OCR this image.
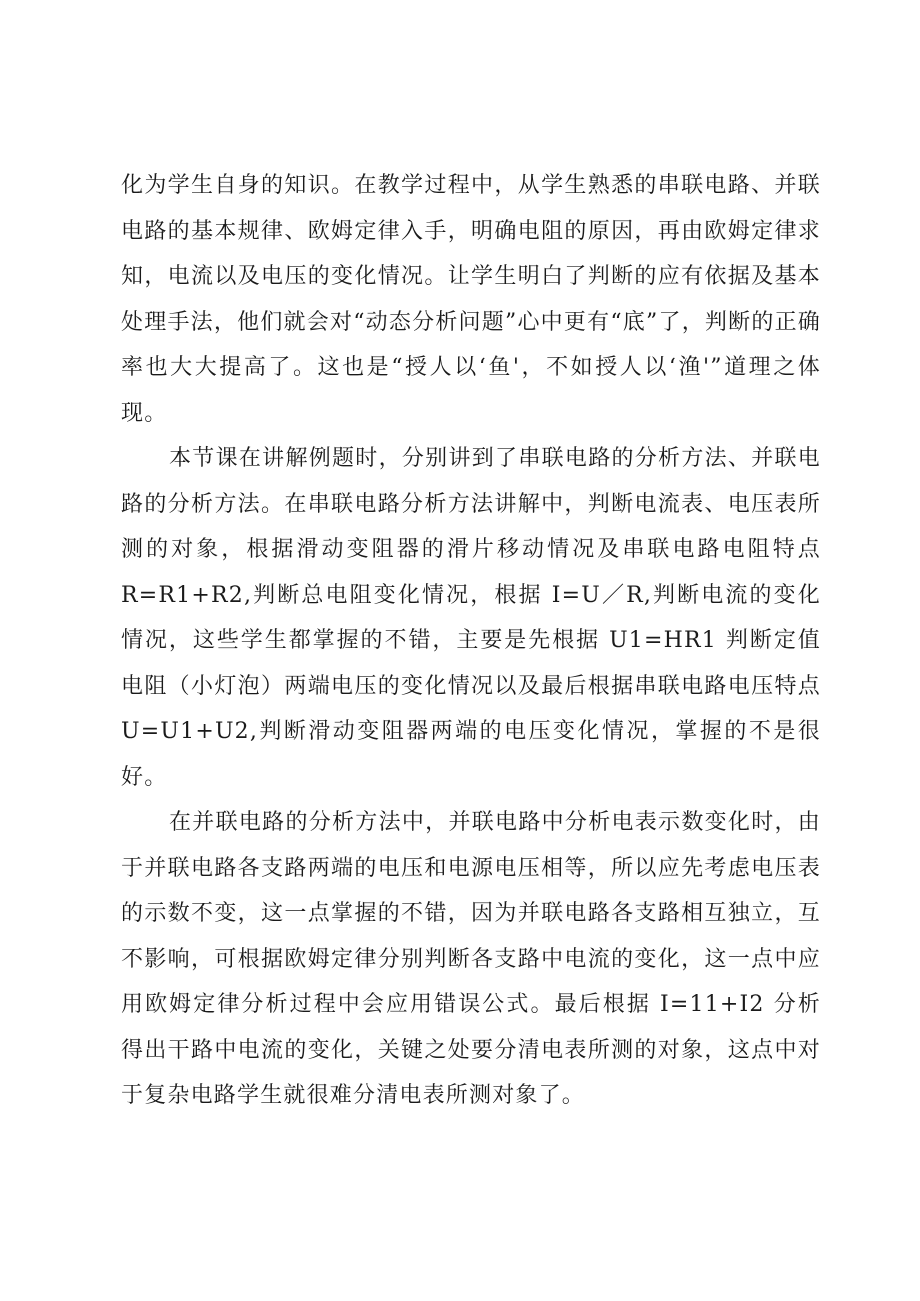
化为学生自身的知识。在教学过程中，从学生熟悉的串联电路、并联电路的基本规律、欧姆定律入手，明确电阻的原因，再由欧姆定律求知，电流以及电压的变化情况。让学生明白了判断的应有依据及基本处理手法，他们就会对“动态分析问题”心中更有“底”了，判断的正确率也大大提高了。这也是“授人以‘鱼'，不如授人以‘渔'”道理之体现。

本节课在讲解例题时，分别讲到了串联电路的分析方法、并联电路的分析方法。在串联电路分析方法讲解中，判断电流表、电压表所测的对象，根据滑动变阻器的滑片移动情况及串联电路电阻特点R=R1+R2,判断总电阻变化情况，根据 I=U／R,判断电流的变化情况，这些学生都掌握的不错，主要是先根据 U1=HR1 判断定值电阻（小灯泡）两端电压的变化情况以及最后根据串联电路电压特点 U=U1+U2,判断滑动变阻器两端的电压变化情况，掌握的不是很好。

在并联电路的分析方法中，并联电路中分析电表示数变化时，由于并联电路各支路两端的电压和电源电压相等，所以应先考虑电压表的示数不变，这一点掌握的不错，因为并联电路各支路相互独立，互不影响，可根据欧姆定律分别判断各支路中电流的变化，这一点中应用欧姆定律分析过程中会应用错误公式。最后根据 I=11+I2 分析得出干路中电流的变化，关键之处要分清电表所测的对象，这点中对于复杂电路学生就很难分清电表所测对象了。
